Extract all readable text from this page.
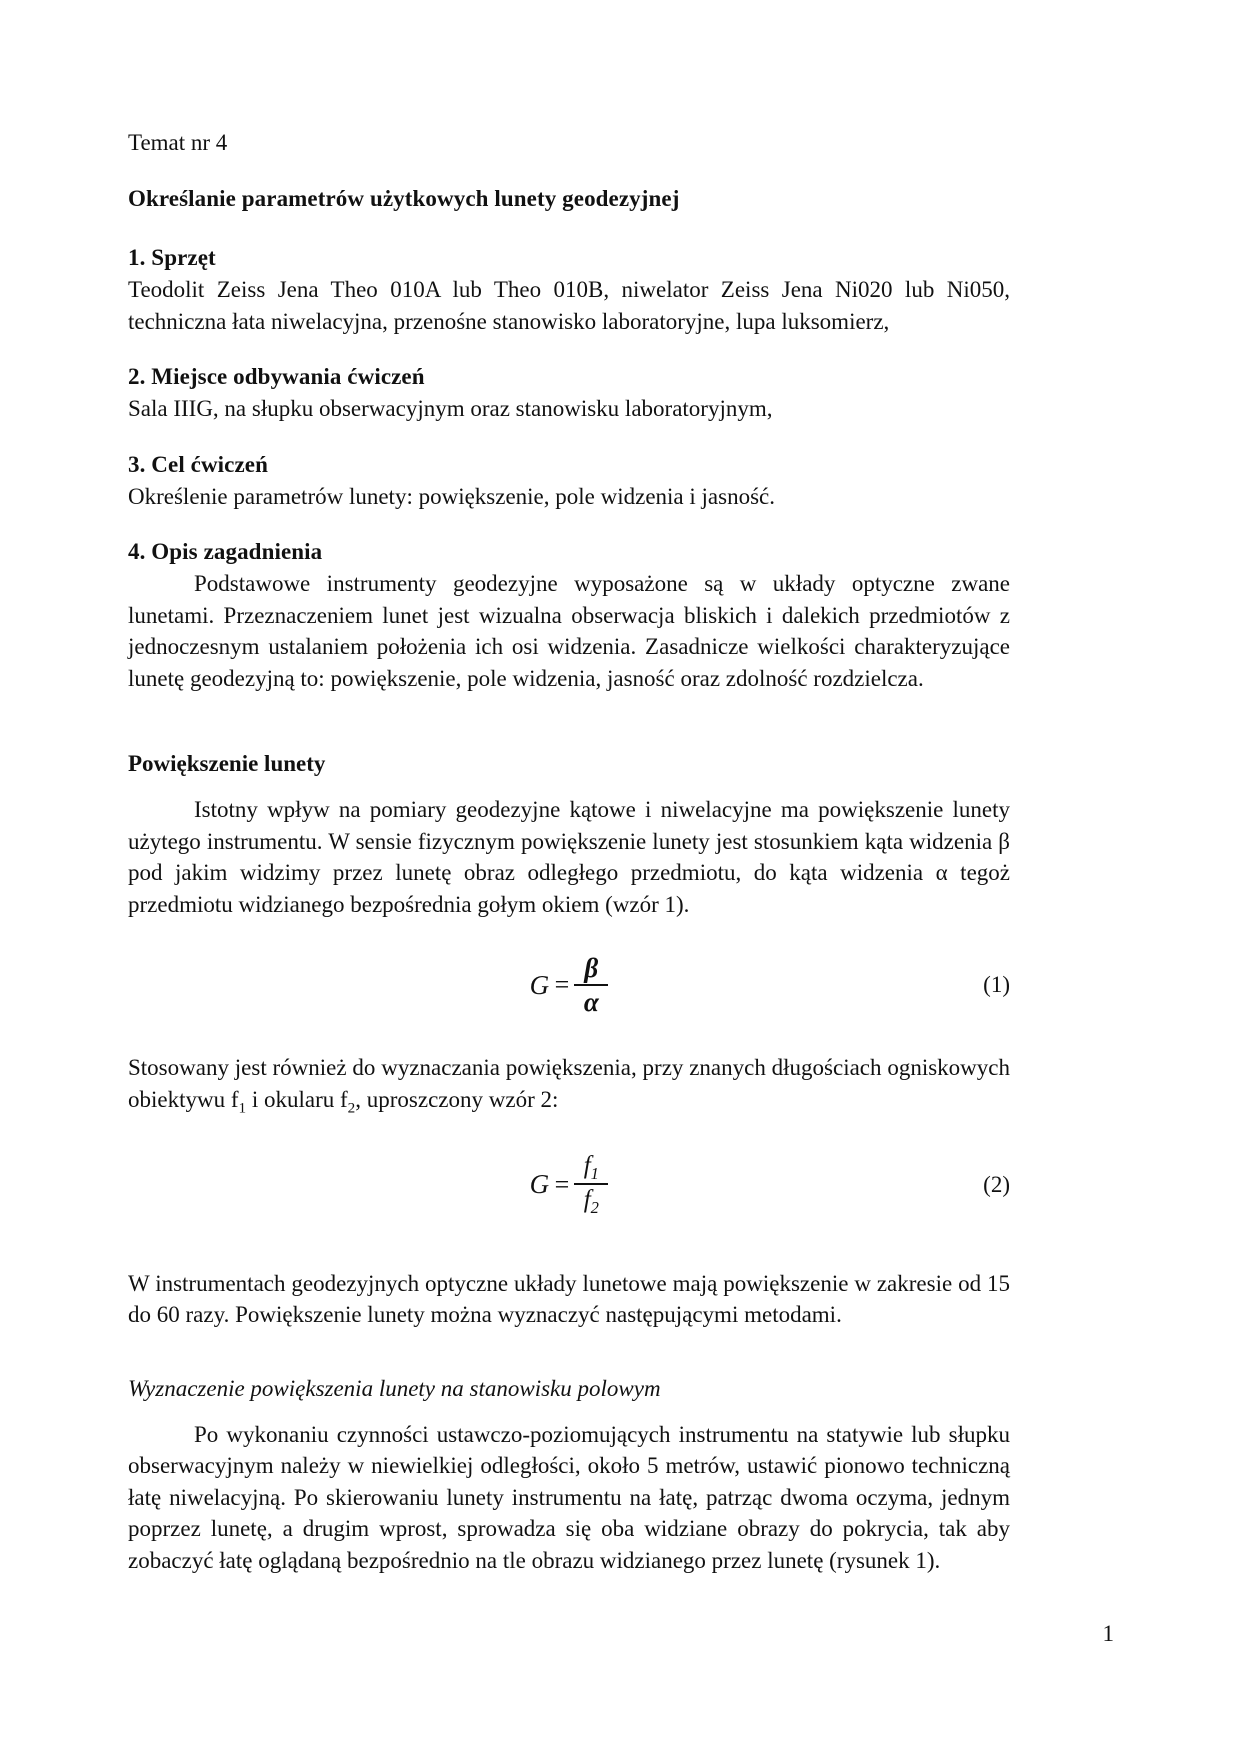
Temat nr 4
Określanie parametrów użytkowych lunety geodezyjnej
1. Sprzęt

Teodolit Zeiss Jena Theo 010A lub Theo 010B, niwelator Zeiss Jena Ni020 lub Ni050, techniczna łata niwelacyjna, przenośne stanowisko laboratoryjne, lupa luksomierz,

2. Miejsce odbywania ćwiczeń

Sala IIIG, na słupku obserwacyjnym oraz stanowisku laboratoryjnym,

3. Cel ćwiczeń

Określenie parametrów lunety: powiększenie, pole widzenia i jasność.

4. Opis zagadnienia

Podstawowe instrumenty geodezyjne wyposażone są w układy optyczne zwane lunetami. Przeznaczeniem lunet jest wizualna obserwacja bliskich i dalekich przedmiotów z jednoczesnym ustalaniem położenia ich osi widzenia. Zasadnicze wielkości charakteryzujące lunetę geodezyjną to: powiększenie, pole widzenia, jasność oraz zdolność rozdzielcza.

Powiększenie lunety

Istotny wpływ na pomiary geodezyjne kątowe i niwelacyjne ma powiększenie lunety użytego instrumentu. W sensie fizycznym powiększenie lunety jest stosunkiem kąta widzenia β pod jakim widzimy przez lunetę obraz odległego przedmiotu, do kąta widzenia α tegoż przedmiotu widzianego bezpośrednia gołym okiem (wzór 1).

$G = \frac{\beta}{\alpha}$	(1)

Stosowany jest również do wyznaczania powiększenia, przy znanych długościach ogniskowych obiektywu $f_1$ i okularu $f_2$, uproszczony wzór 2:

$G = \frac{f_1}{f_2}$	(2)

W instrumentach geodezyjnych optyczne układy lunetowe mają powiększenie w zakresie od 15 do 60 razy. Powiększenie lunety można wyznaczyć następującymi metodami.

Wyznaczenie powiększenia lunety na stanowisku polowym

Po wykonaniu czynności ustawczo-poziomujących instrumentu na statywie lub słupku obserwacyjnym należy w niewielkiej odległości, około 5 metrów, ustawić pionowo techniczną łatę niwelacyjną. Po skierowaniu lunety instrumentu na łatę, patrząc dwoma oczyma, jednym poprzez lunetę, a drugim wprost, sprowadza się oba widziane obrazy do pokrycia, tak aby zobaczyć łatę oglądaną bezpośrednio na tle obrazu widzianego przez lunetę (rysunek 1).

1
